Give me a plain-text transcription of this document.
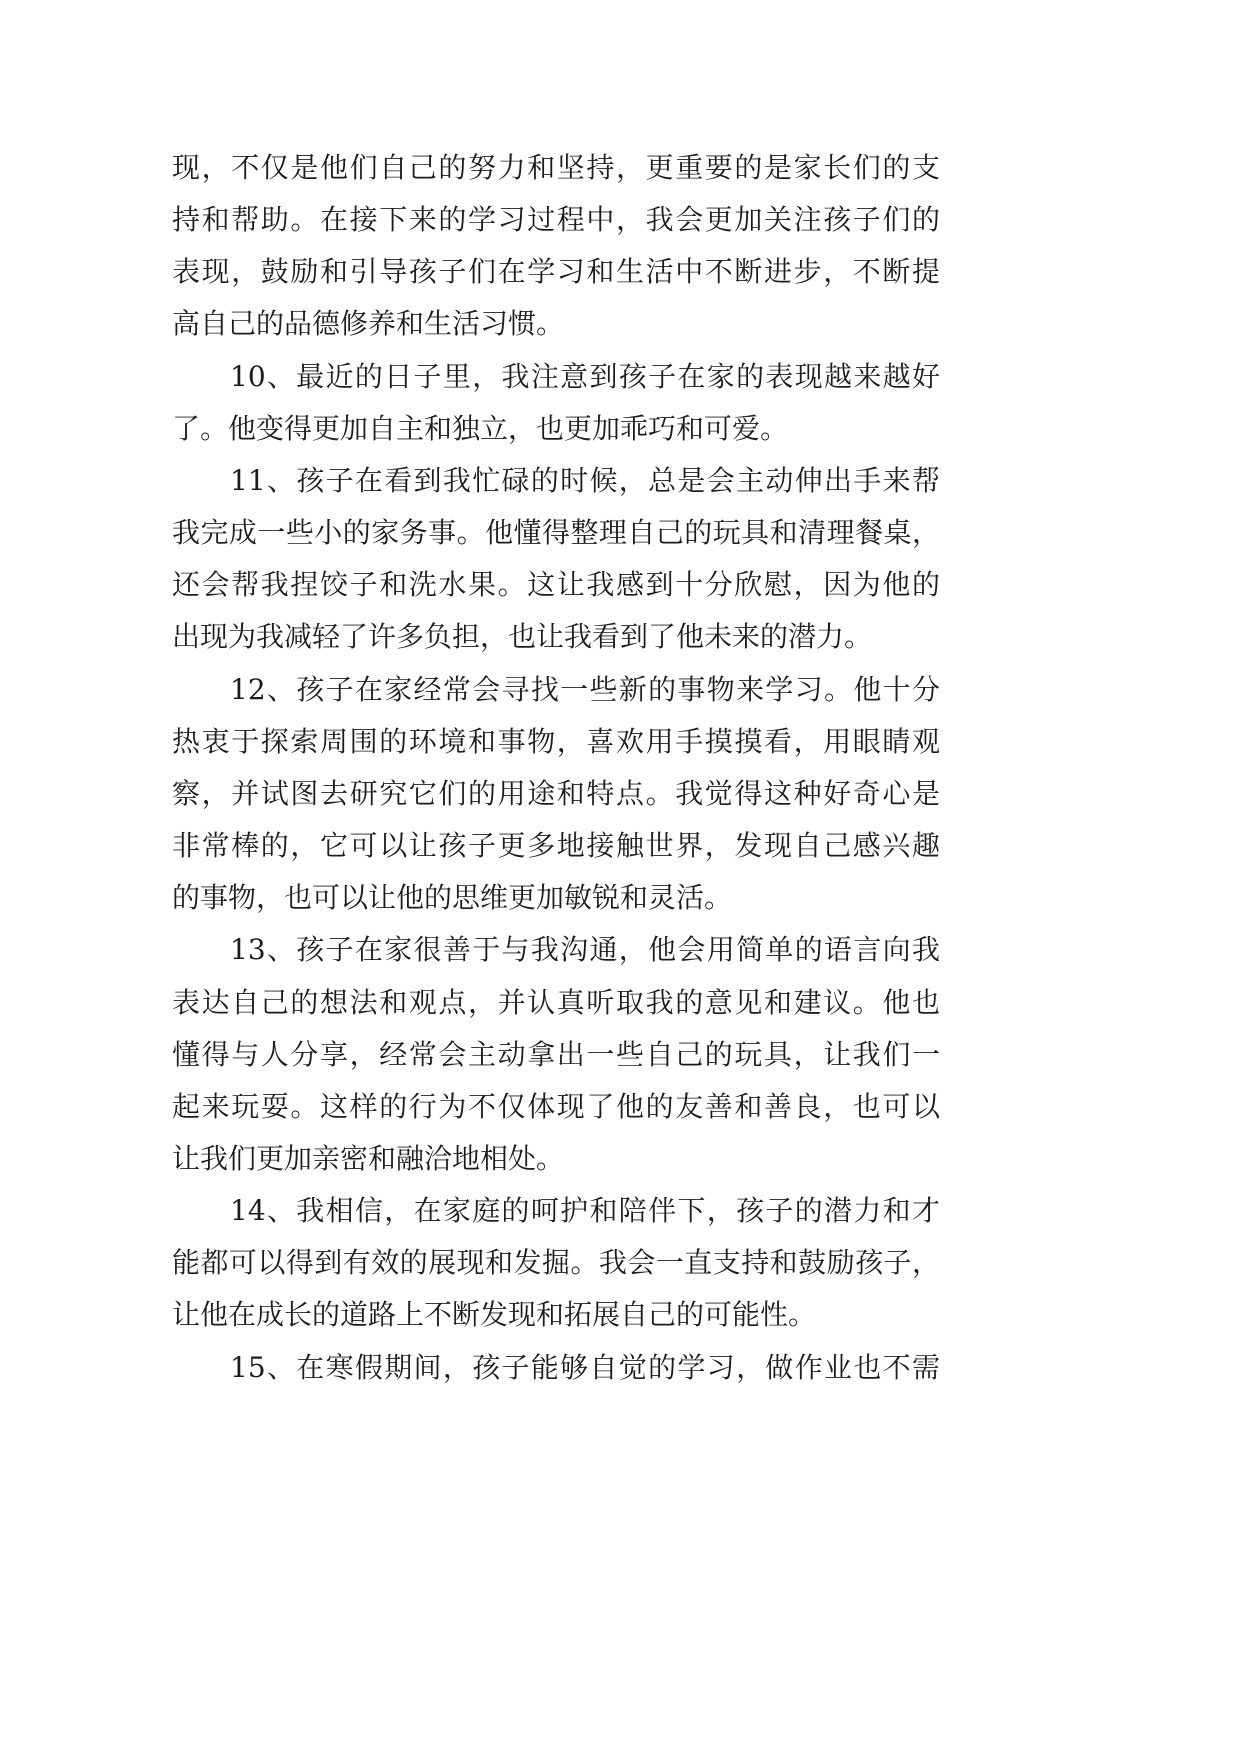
现，不仅是他们自己的努力和坚持，更重要的是家长们的支
持和帮助。在接下来的学习过程中，我会更加关注孩子们的
表现，鼓励和引导孩子们在学习和生活中不断进步，不断提
高自己的品德修养和生活习惯。
10、最近的日子里，我注意到孩子在家的表现越来越好
了。他变得更加自主和独立，也更加乖巧和可爱。
11、孩子在看到我忙碌的时候，总是会主动伸出手来帮
我完成一些小的家务事。他懂得整理自己的玩具和清理餐桌，
还会帮我捏饺子和洗水果。这让我感到十分欣慰，因为他的
出现为我减轻了许多负担，也让我看到了他未来的潜力。
12、孩子在家经常会寻找一些新的事物来学习。他十分
热衷于探索周围的环境和事物，喜欢用手摸摸看，用眼睛观
察，并试图去研究它们的用途和特点。我觉得这种好奇心是
非常棒的，它可以让孩子更多地接触世界，发现自己感兴趣
的事物，也可以让他的思维更加敏锐和灵活。
13、孩子在家很善于与我沟通，他会用简单的语言向我
表达自己的想法和观点，并认真听取我的意见和建议。他也
懂得与人分享，经常会主动拿出一些自己的玩具，让我们一
起来玩耍。这样的行为不仅体现了他的友善和善良，也可以
让我们更加亲密和融洽地相处。
14、我相信，在家庭的呵护和陪伴下，孩子的潜力和才
能都可以得到有效的展现和发掘。我会一直支持和鼓励孩子，
让他在成长的道路上不断发现和拓展自己的可能性。
15、在寒假期间，孩子能够自觉的学习，做作业也不需
